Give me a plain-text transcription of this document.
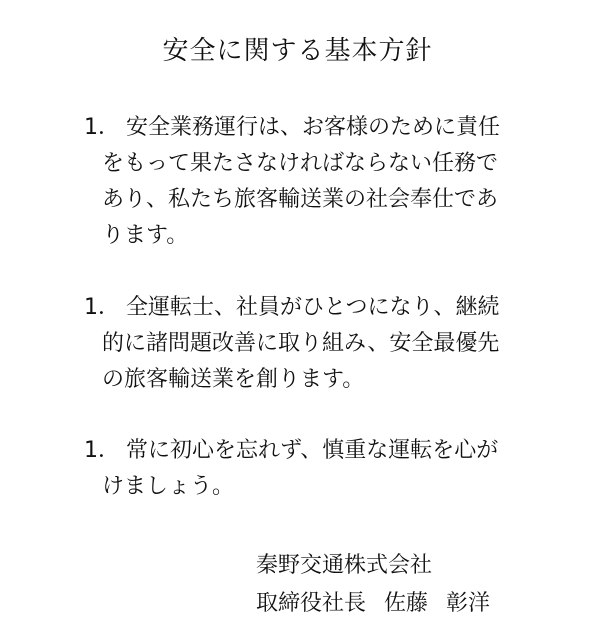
安全に関する基本方針
1． 安全業務運行は、お客様のために責任
をもって果たさなければならない任務で
あり、私たち旅客輸送業の社会奉仕であ
ります。
1． 全運転士、社員がひとつになり、継続
的に諸問題改善に取り組み、安全最優先
の旅客輸送業を創ります。
1． 常に初心を忘れず、慎重な運転を心が
けましょう。
秦野交通株式会社
取締役社長 佐藤 彰洋
